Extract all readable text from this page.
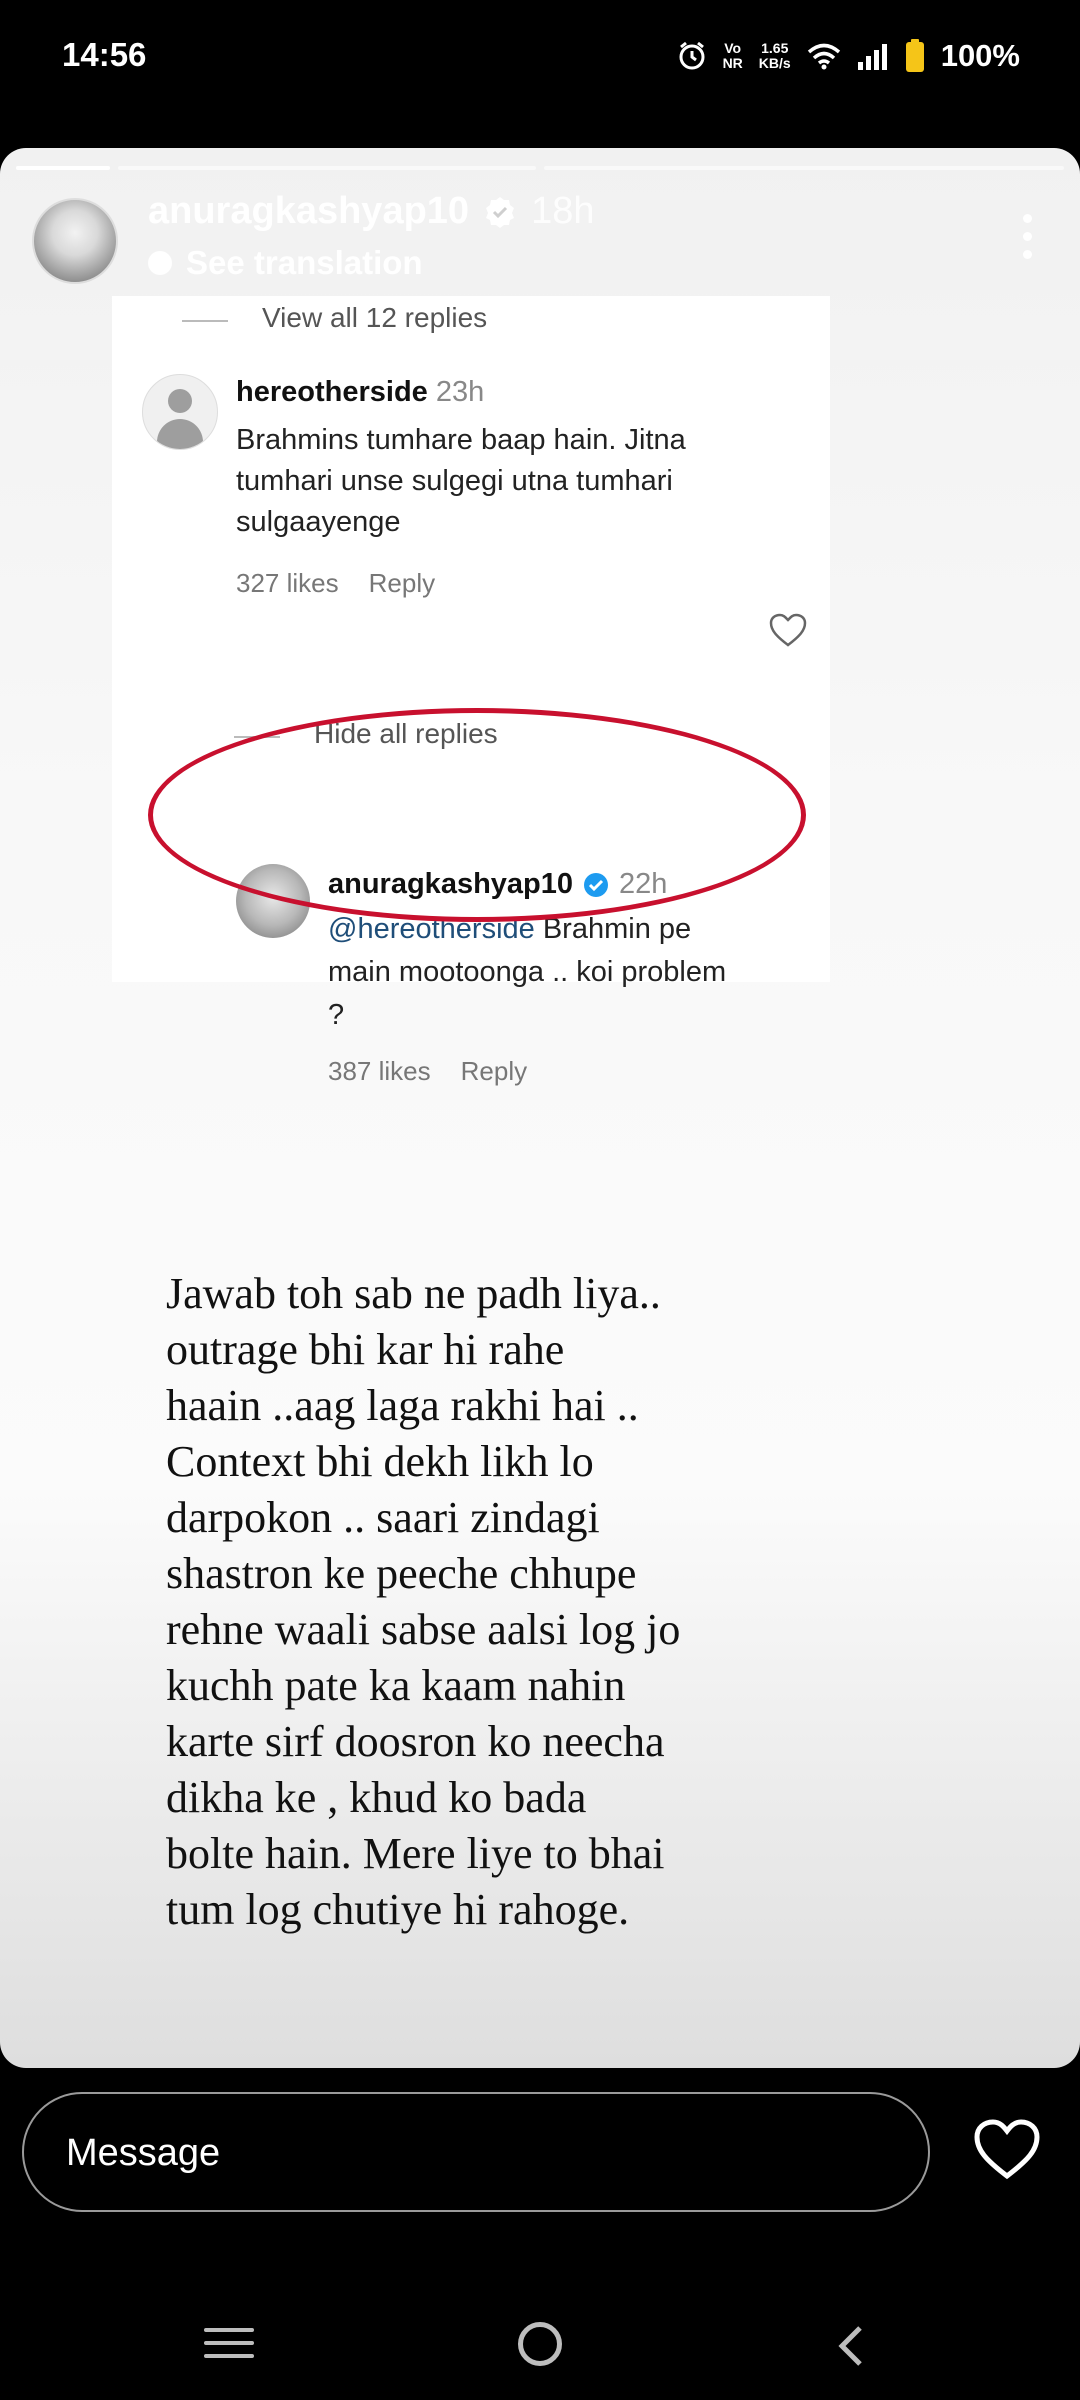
14:56	Vo
NR
1.65
KB/s	100%
anuragkashyap10 18h
See translation
View all 12 replies
hereotherside 23h
Brahmins tumhare baap hain. Jitna tumhari unse sulgegi utna tumhari sulgaayenge
327 likes Reply
Hide all replies
anuragkashyap10 22h
@hereotherside Brahmin pe main mootoonga .. koi problem ?
387 likes Reply
Jawab toh sab ne padh liya..
outrage bhi kar hi rahe
haain ..aag laga rakhi hai ..
Context bhi dekh likh lo
darpokon .. saari zindagi
shastron ke peeche chhupe
rehne waali sabse aalsi log jo
kuchh pate ka kaam nahin
karte sirf doosron ko neecha
dikha ke , khud ko bada
bolte hain. Mere liye to bhai
tum log chutiye hi rahoge.
Message
